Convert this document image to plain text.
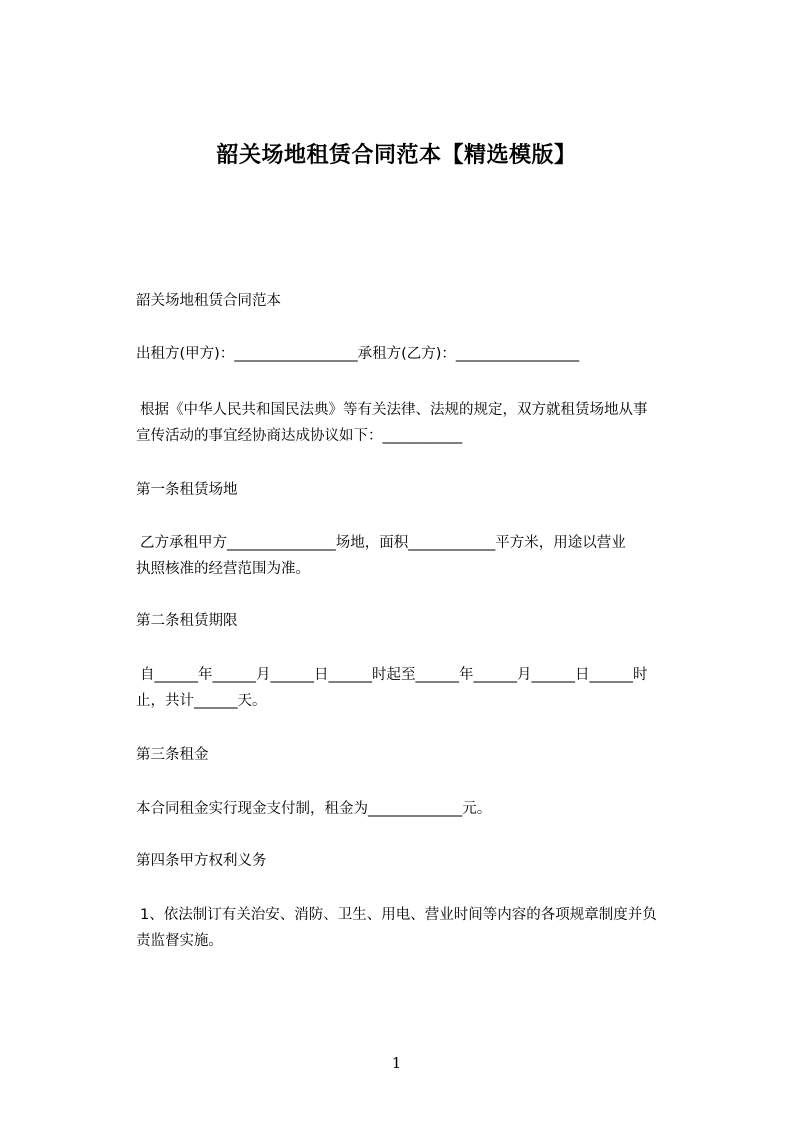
韶关场地租赁合同范本【精选模版】
韶关场地租赁合同范本
出租方(甲方)：_________________承租方(乙方)：_________________
根据《中华人民共和国民法典》等有关法律、法规的规定，双方就租赁场地从事
宣传活动的事宜经协商达成协议如下：___________
第一条租赁场地
乙方承租甲方_______________场地，面积____________平方米，用途以营业
执照核准的经营范围为准。
第二条租赁期限
自______年______月______日______时起至______年______月______日______时
止，共计______天。
第三条租金
本合同租金实行现金支付制，租金为_____________元。
第四条甲方权利义务
1、依法制订有关治安、消防、卫生、用电、营业时间等内容的各项规章制度并负
责监督实施。
1
